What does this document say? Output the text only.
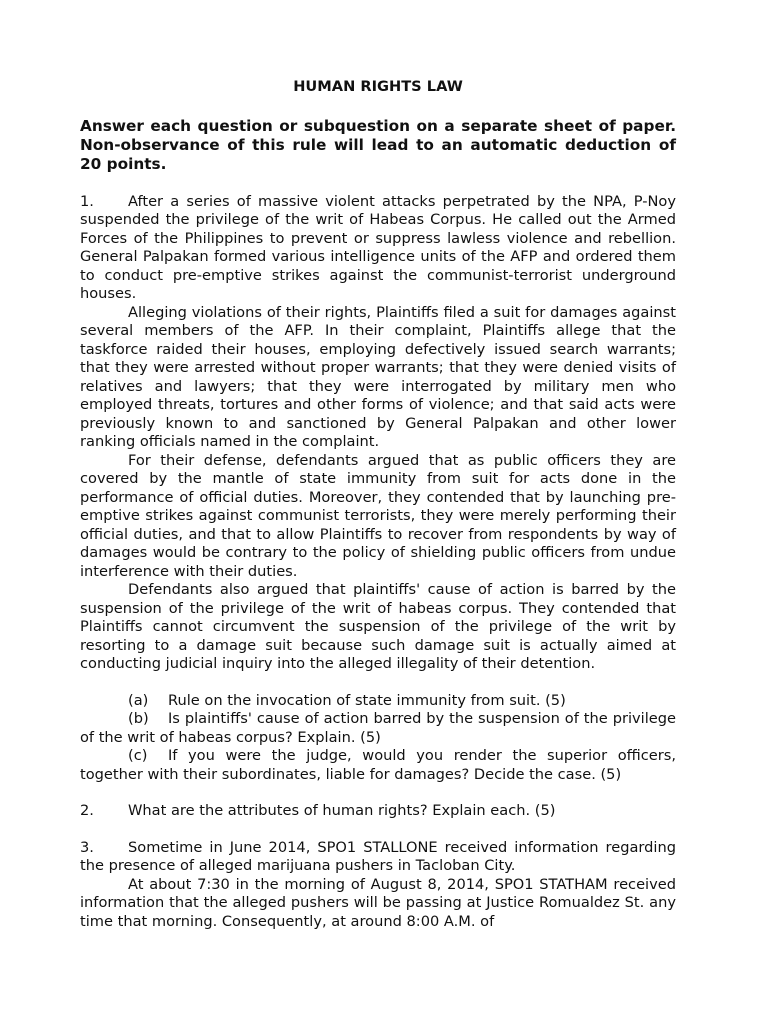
HUMAN RIGHTS LAW

Answer each question or subquestion on a separate sheet of paper. Non-observance of this rule will lead to an automatic deduction of 20 points.

1. After a series of massive violent attacks perpetrated by the NPA, P-Noy suspended the privilege of the writ of Habeas Corpus. He called out the Armed Forces of the Philippines to prevent or suppress lawless violence and rebellion. General Palpakan formed various intelligence units of the AFP and ordered them to conduct pre-emptive strikes against the communist-terrorist underground houses.

Alleging violations of their rights, Plaintiffs filed a suit for damages against several members of the AFP. In their complaint, Plaintiffs allege that the taskforce raided their houses, employing defectively issued search warrants; that they were arrested without proper warrants; that they were denied visits of relatives and lawyers; that they were interrogated by military men who employed threats, tortures and other forms of violence; and that said acts were previously known to and sanctioned by General Palpakan and other lower ranking officials named in the complaint.

For their defense, defendants argued that as public officers they are covered by the mantle of state immunity from suit for acts done in the performance of official duties. Moreover, they contended that by launching pre-emptive strikes against communist terrorists, they were merely performing their official duties, and that to allow Plaintiffs to recover from respondents by way of damages would be contrary to the policy of shielding public officers from undue interference with their duties.

Defendants also argued that plaintiffs' cause of action is barred by the suspension of the privilege of the writ of habeas corpus. They contended that Plaintiffs cannot circumvent the suspension of the privilege of the writ by resorting to a damage suit because such damage suit is actually aimed at conducting judicial inquiry into the alleged illegality of their detention.

(a) Rule on the invocation of state immunity from suit. (5)

(b) Is plaintiffs' cause of action barred by the suspension of the privilege of the writ of habeas corpus? Explain. (5)

(c) If you were the judge, would you render the superior officers, together with their subordinates, liable for damages? Decide the case. (5)

2. What are the attributes of human rights? Explain each. (5)

3. Sometime in June 2014, SPO1 STALLONE received information regarding the presence of alleged marijuana pushers in Tacloban City.

At about 7:30 in the morning of August 8, 2014, SPO1 STATHAM received information that the alleged pushers will be passing at Justice Romualdez St. any time that morning. Consequently, at around 8:00 A.M. of
